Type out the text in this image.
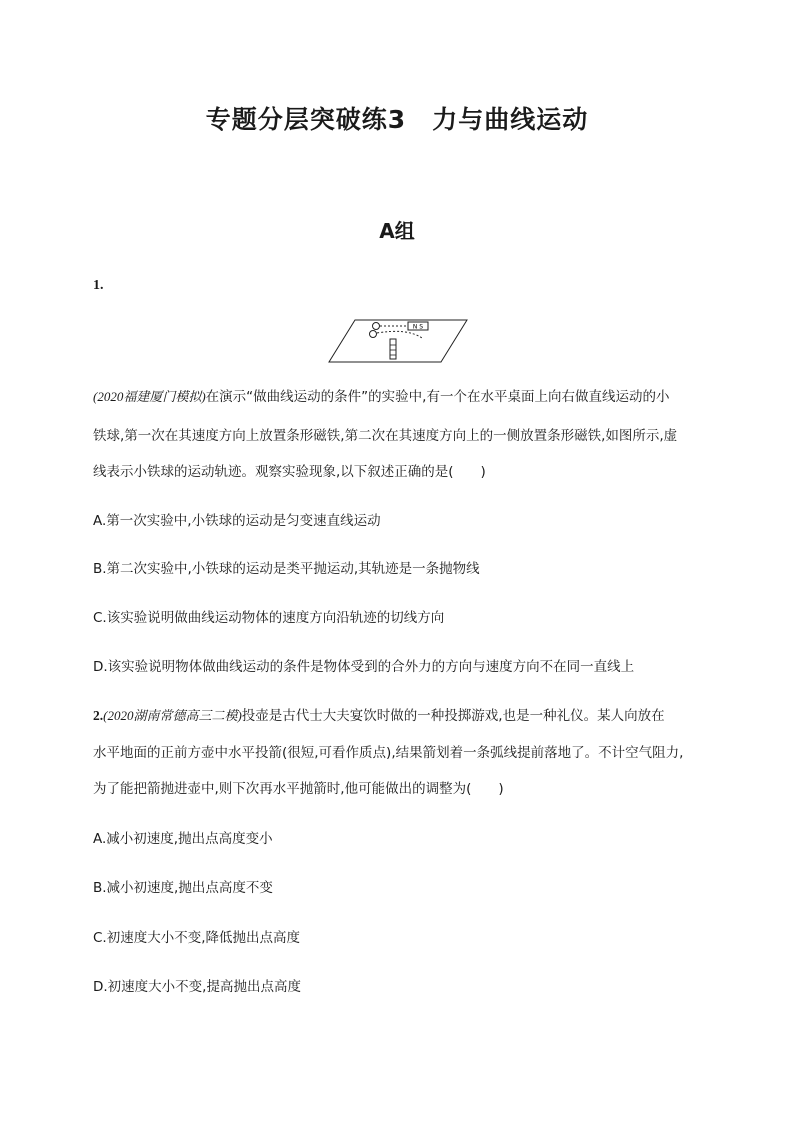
专题分层突破练3　力与曲线运动
A组
1.
N S
(2020福建厦门模拟)在演示“做曲线运动的条件”的实验中,有一个在水平桌面上向右做直线运动的小
铁球,第一次在其速度方向上放置条形磁铁,第二次在其速度方向上的一侧放置条形磁铁,如图所示,虚
线表示小铁球的运动轨迹。观察实验现象,以下叙述正确的是(　　)
A.第一次实验中,小铁球的运动是匀变速直线运动
B.第二次实验中,小铁球的运动是类平抛运动,其轨迹是一条抛物线
C.该实验说明做曲线运动物体的速度方向沿轨迹的切线方向
D.该实验说明物体做曲线运动的条件是物体受到的合外力的方向与速度方向不在同一直线上
2.(2020湖南常德高三二模)投壶是古代士大夫宴饮时做的一种投掷游戏,也是一种礼仪。某人向放在
水平地面的正前方壶中水平投箭(很短,可看作质点),结果箭划着一条弧线提前落地了。不计空气阻力,
为了能把箭抛进壶中,则下次再水平抛箭时,他可能做出的调整为(　　)
A.减小初速度,抛出点高度变小
B.减小初速度,抛出点高度不变
C.初速度大小不变,降低抛出点高度
D.初速度大小不变,提高抛出点高度
